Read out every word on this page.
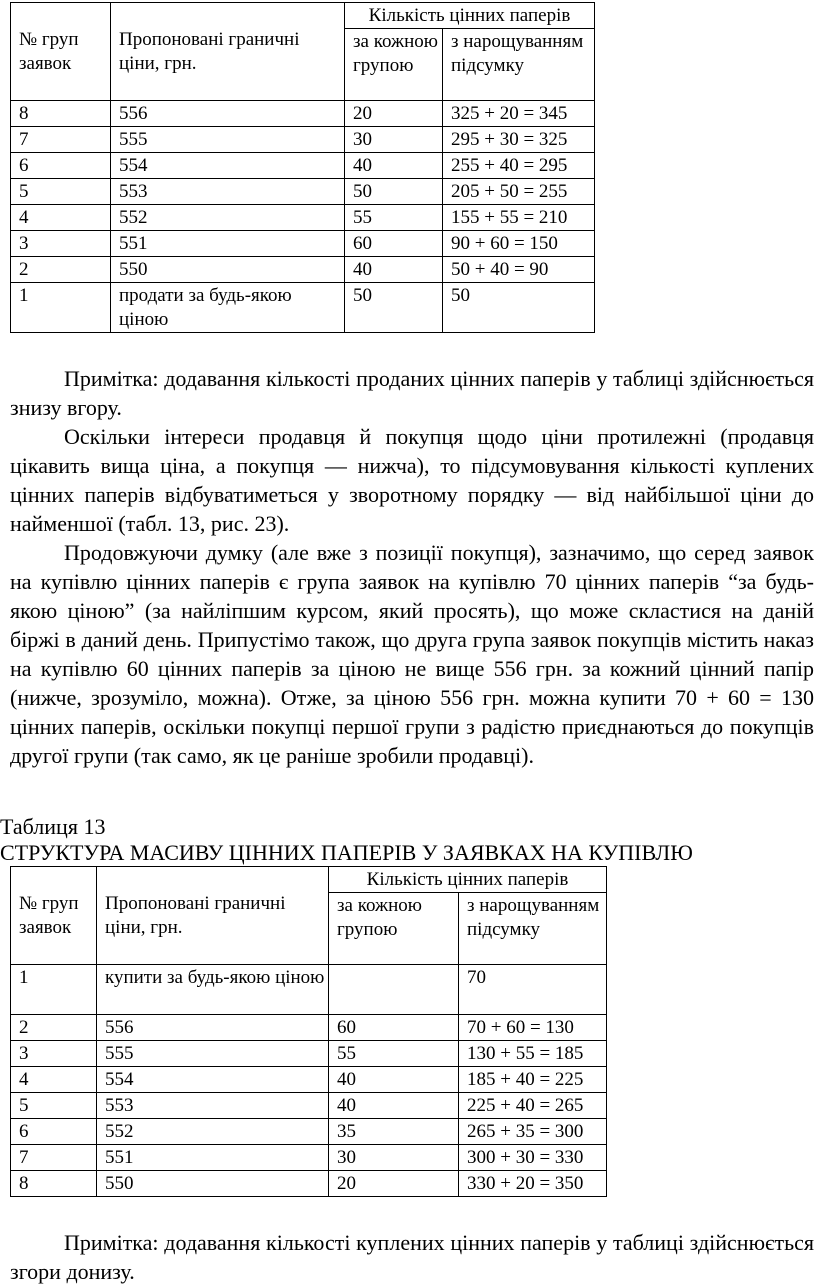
№ груп заявок	Пропоновані граничні ціни, грн.	Кількість цінних паперів	
		за кожною групою	з нарощуванням підсумку
8	556	20	325 + 20 = 345
7	555	30	295 + 30 = 325
6	554	40	255 + 40 = 295
5	553	50	205 + 50 = 255
4	552	55	155 + 55 = 210
3	551	60	90 + 60 = 150
2	550	40	50 + 40 = 90
1	продати за будь-якою ціною	50	50

Примітка: додавання кількості проданих цінних паперів у таблиці здійснюється знизу вгору.

Оскільки інтереси продавця й покупця щодо ціни протилежні (продавця цікавить вища ціна, а покупця — нижча), то підсумовування кількості куплених цінних паперів відбуватиметься у зворотному порядку — від найбільшої ціни до найменшої (табл. 13, рис. 23).

Продовжуючи думку (але вже з позиції покупця), зазначимо, що серед заявок на купівлю цінних паперів є група заявок на купівлю 70 цінних паперів “за будь-якою ціною” (за найліпшим курсом, який просять), що може скластися на даній біржі в даний день. Припустімо також, що друга група заявок покупців містить наказ на купівлю 60 цінних паперів за ціною не вище 556 грн. за кожний цінний папір (нижче, зрозуміло, можна). Отже, за ціною 556 грн. можна купити 70 + 60 = 130 цінних паперів, оскільки покупці першої групи з радістю приєднаються до покупців другої групи (так само, як це раніше зробили продавці).

Таблиця 13

СТРУКТУРА МАСИВУ ЦІННИХ ПАПЕРІВ У ЗАЯВКАХ НА КУПІВЛЮ

№ груп заявок	Пропоновані граничні ціни, грн.	Кількість цінних паперів	
		за кожною групою	з нарощуванням підсумку
1	купити за будь-якою ціною		70
2	556	60	70 + 60 = 130
3	555	55	130 + 55 = 185
4	554	40	185 + 40 = 225
5	553	40	225 + 40 = 265
6	552	35	265 + 35 = 300
7	551	30	300 + 30 = 330
8	550	20	330 + 20 = 350

Примітка: додавання кількості куплених цінних паперів у таблиці здійснюється згори донизу.
